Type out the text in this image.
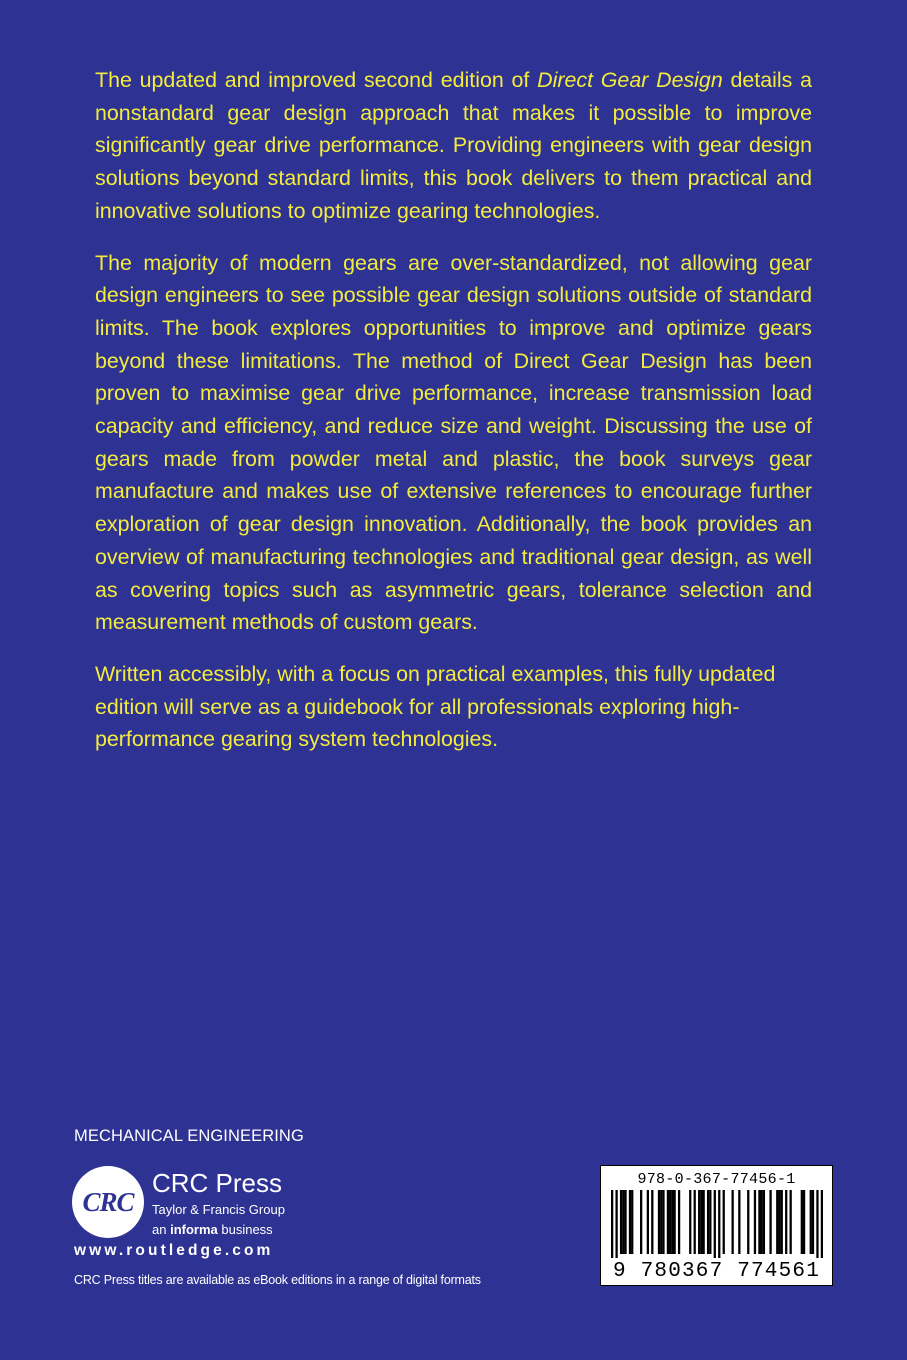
The updated and improved second edition of Direct Gear Design details a nonstandard gear design approach that makes it possible to improve significantly gear drive performance. Providing engineers with gear design solutions beyond standard limits, this book delivers to them practical and innovative solutions to optimize gearing technologies.

The majority of modern gears are over-standardized, not allowing gear design engineers to see possible gear design solutions outside of standard limits. The book explores opportunities to improve and optimize gears beyond these limitations. The method of Direct Gear Design has been proven to maximise gear drive performance, increase transmission load capacity and efficiency, and reduce size and weight. Discussing the use of gears made from powder metal and plastic, the book surveys gear manufacture and makes use of extensive references to encourage further exploration of gear design innovation. Additionally, the book provides an overview of manufacturing technologies and traditional gear design, as well as covering topics such as asymmetric gears, tolerance selection and measurement methods of custom gears.

Written accessibly, with a focus on practical examples, this fully updated edition will serve as a guidebook for all professionals exploring high-performance gearing system technologies.

MECHANICAL ENGINEERING
CRC
CRC Press
Taylor & Francis Group
an informa business
www.routledge.com
CRC Press titles are available as eBook editions in a range of digital formats
978-0-367-77456-1
9 780367 774561
